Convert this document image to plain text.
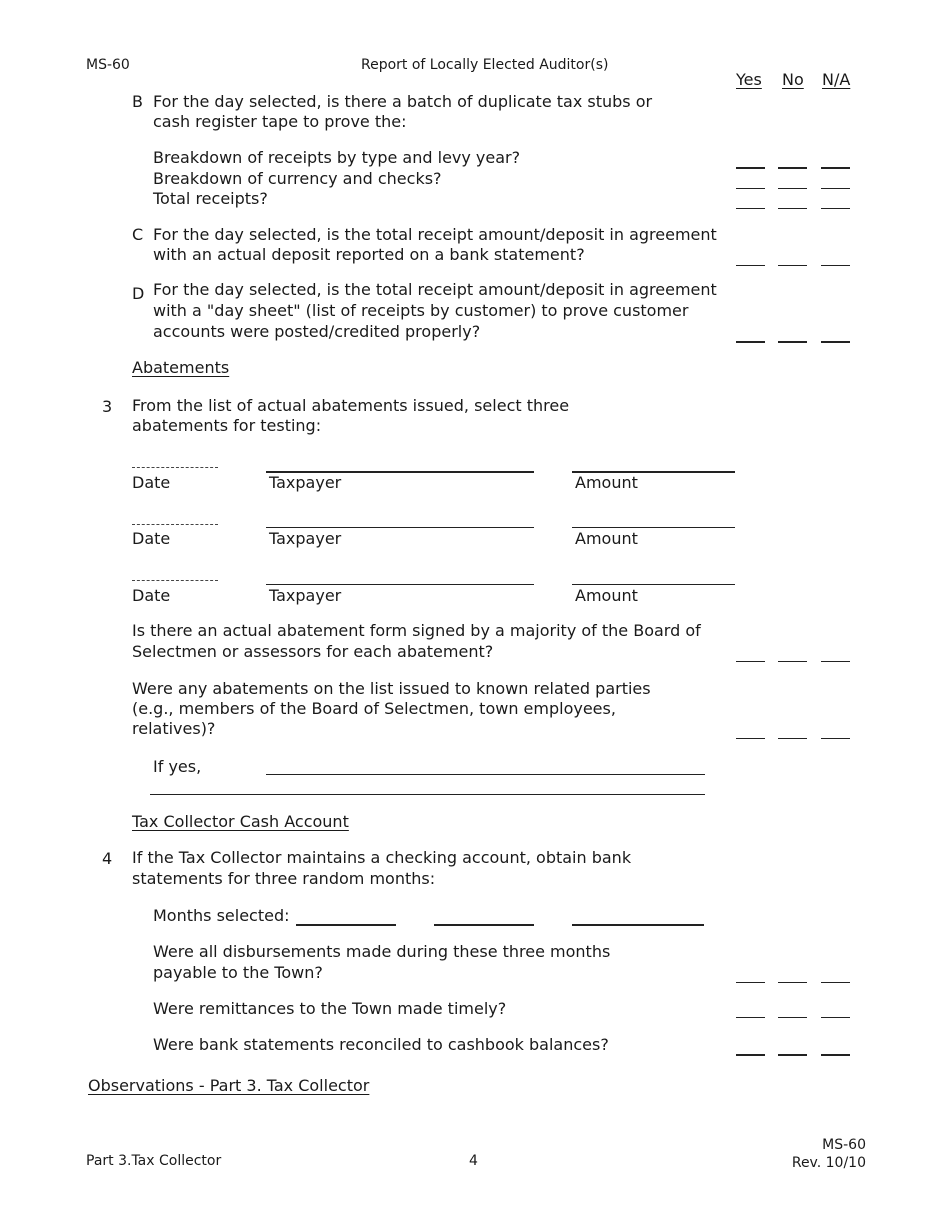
MS-60	Report of Locally Elected Auditor(s)
Yes No N/A
B For the day selected, is there a batch of duplicate tax stubs or
cash register tape to prove the:
Breakdown of receipts by type and levy year?
Breakdown of currency and checks?
Total receipts?
C For the day selected, is the total receipt amount/deposit in agreement
with an actual deposit reported on a bank statement?
D For the day selected, is the total receipt amount/deposit in agreement
with a "day sheet" (list of receipts by customer) to prove customer
accounts were posted/credited properly?
Abatements
3 From the list of actual abatements issued, select three
abatements for testing:
Date	Taxpayer	Amount
Date	Taxpayer	Amount
Date	Taxpayer	Amount
Is there an actual abatement form signed by a majority of the Board of
Selectmen or assessors for each abatement?
Were any abatements on the list issued to known related parties
(e.g., members of the Board of Selectmen, town employees,
relatives)?
If yes,
Tax Collector Cash Account
4 If the Tax Collector maintains a checking account, obtain bank
statements for three random months:
Months selected:
Were all disbursements made during these three months
payable to the Town?
Were remittances to the Town made timely?
Were bank statements reconciled to cashbook balances?
Observations - Part 3. Tax Collector
Part 3.Tax Collector	4
MS-60
Rev. 10/10
